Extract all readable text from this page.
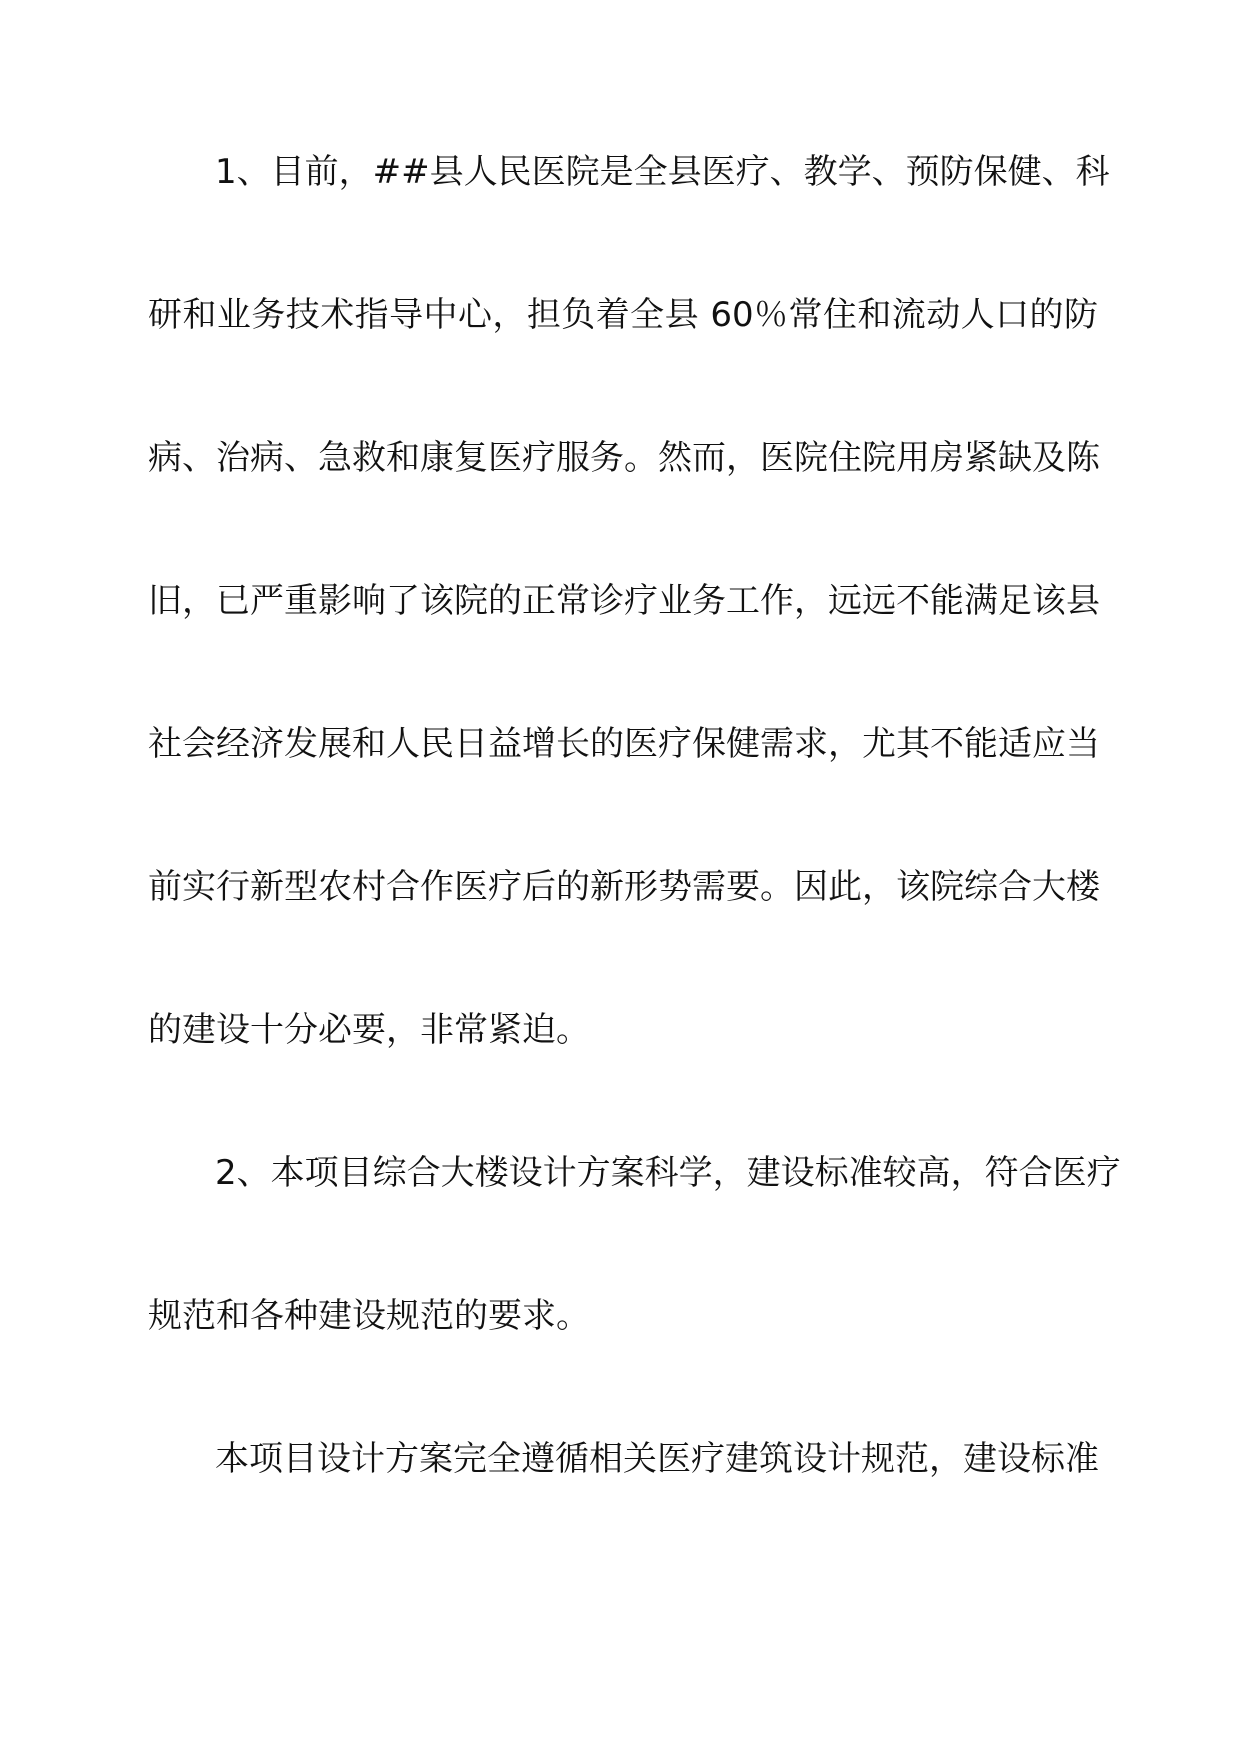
1、目前，##县人民医院是全县医疗、教学、预防保健、科
研和业务技术指导中心，担负着全县 60％常住和流动人口的防
病、治病、急救和康复医疗服务。然而，医院住院用房紧缺及陈
旧，已严重影响了该院的正常诊疗业务工作，远远不能满足该县
社会经济发展和人民日益增长的医疗保健需求，尤其不能适应当
前实行新型农村合作医疗后的新形势需要。因此，该院综合大楼
的建设十分必要，非常紧迫。
2、本项目综合大楼设计方案科学，建设标准较高，符合医疗
规范和各种建设规范的要求。
本项目设计方案完全遵循相关医疗建筑设计规范，建设标准
